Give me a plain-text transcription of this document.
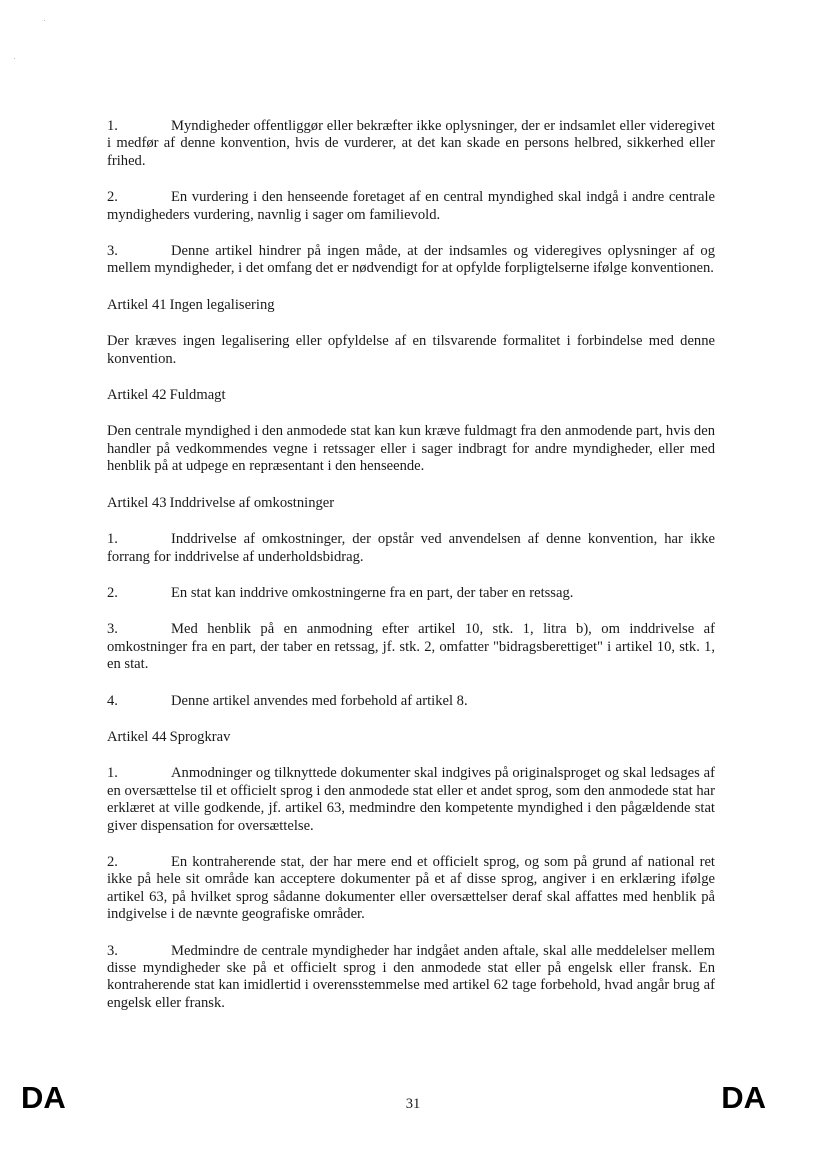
1.	Myndigheder offentliggør eller bekræfter ikke oplysninger, der er indsamlet eller videregivet i medfør af denne konvention, hvis de vurderer, at det kan skade en persons helbred, sikkerhed eller frihed.

2.	En vurdering i den henseende foretaget af en central myndighed skal indgå i andre centrale myndigheders vurdering, navnlig i sager om familievold.

3.	Denne artikel hindrer på ingen måde, at der indsamles og videregives oplysninger af og mellem myndigheder, i det omfang det er nødvendigt for at opfylde forpligtelserne ifølge konventionen.

Artikel 41 Ingen legalisering

Der kræves ingen legalisering eller opfyldelse af en tilsvarende formalitet i forbindelse med denne konvention.

Artikel 42 Fuldmagt

Den centrale myndighed i den anmodede stat kan kun kræve fuldmagt fra den anmodende part, hvis den handler på vedkommendes vegne i retssager eller i sager indbragt for andre myndigheder, eller med henblik på at udpege en repræsentant i den henseende.

Artikel 43 Inddrivelse af omkostninger

1.	Inddrivelse af omkostninger, der opstår ved anvendelsen af denne konvention, har ikke forrang for inddrivelse af underholdsbidrag.

2.	En stat kan inddrive omkostningerne fra en part, der taber en retssag.

3.	Med henblik på en anmodning efter artikel 10, stk. 1, litra b), om inddrivelse af omkostninger fra en part, der taber en retssag, jf. stk. 2, omfatter "bidragsberettiget" i artikel 10, stk. 1, en stat.

4.	Denne artikel anvendes med forbehold af artikel 8.

Artikel 44 Sprogkrav

1.	Anmodninger og tilknyttede dokumenter skal indgives på originalsproget og skal ledsages af en oversættelse til et officielt sprog i den anmodede stat eller et andet sprog, som den anmodede stat har erklæret at ville godkende, jf. artikel 63, medmindre den kompetente myndighed i den pågældende stat giver dispensation for oversættelse.

2.	En kontraherende stat, der har mere end et officielt sprog, og som på grund af national ret ikke på hele sit område kan acceptere dokumenter på et af disse sprog, angiver i en erklæring ifølge artikel 63, på hvilket sprog sådanne dokumenter eller oversættelser deraf skal affattes med henblik på indgivelse i de nævnte geografiske områder.

3.	Medmindre de centrale myndigheder har indgået anden aftale, skal alle meddelelser mellem disse myndigheder ske på et officielt sprog i den anmodede stat eller på engelsk eller fransk. En kontraherende stat kan imidlertid i overensstemmelse med artikel 62 tage forbehold, hvad angår brug af engelsk eller fransk.

DA	31	DA
